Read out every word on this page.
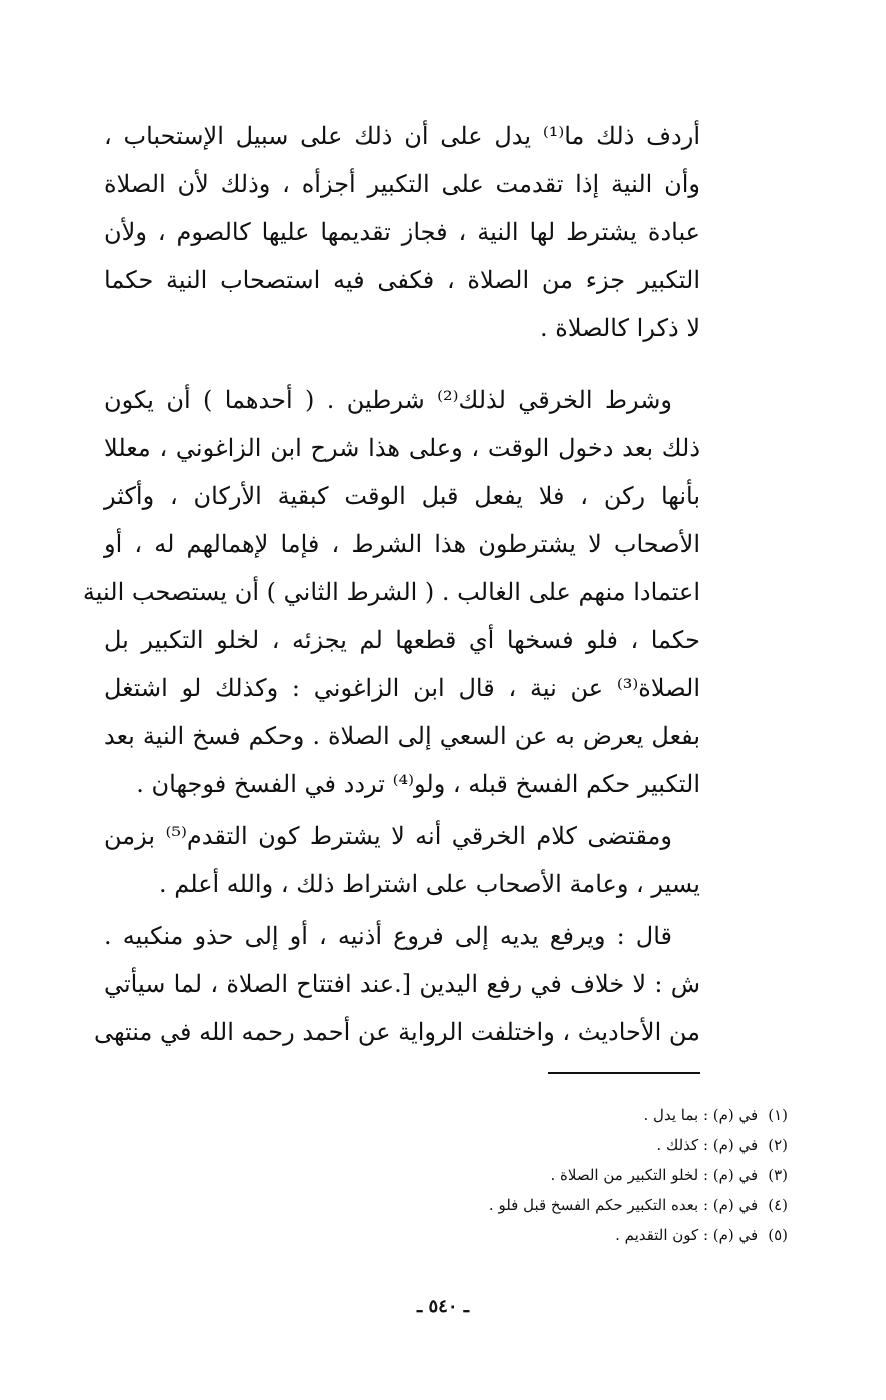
أردف ذلك ما⁽¹⁾ يدل على أن ذلك على سبيل الإستحباب ،
وأن النية إذا تقدمت على التكبير أجزأه ، وذلك لأن الصلاة
عبادة يشترط لها النية ، فجاز تقديمها عليها كالصوم ، ولأن
التكبير جزء من الصلاة ، فكفى فيه استصحاب النية حكما
لا ذكرا كالصلاة .

وشرط الخرقي لذلك⁽²⁾ شرطين . ( أحدهما ) أن يكون
ذلك بعد دخول الوقت ، وعلى هذا شرح ابن الزاغوني ، معللا
بأنها ركن ، فلا يفعل قبل الوقت كبقية الأركان ، وأكثر
الأصحاب لا يشترطون هذا الشرط ، فإما لإهمالهم له ، أو
اعتمادا منهم على الغالب . ( الشرط الثاني ) أن يستصحب النية
حكما ، فلو فسخها أي قطعها لم يجزئه ، لخلو التكبير بل
الصلاة⁽³⁾ عن نية ، قال ابن الزاغوني : وكذلك لو اشتغل
بفعل يعرض به عن السعي إلى الصلاة . وحكم فسخ النية بعد
التكبير حكم الفسخ قبله ، ولو⁽⁴⁾ تردد في الفسخ فوجهان .

ومقتضى كلام الخرقي أنه لا يشترط كون التقدم⁽⁵⁾ بزمن
يسير ، وعامة الأصحاب على اشتراط ذلك ، والله أعلم .

قال : ويرفع يديه إلى فروع أذنيه ، أو إلى حذو منكبيه .
ش : لا خلاف في رفع اليدين [.عند افتتاح الصلاة ، لما سيأتي
من الأحاديث ، واختلفت الرواية عن أحمد رحمه الله في منتهى

(١)في (م) : بما يدل .
(٢)في (م) : كذلك .
(٣)في (م) : لخلو التكبير من الصلاة .
(٤)في (م) : بعده التكبير حكم الفسخ قبل فلو .
(٥)في (م) : كون التقديم .
ـ ٥٤٠ ـ
